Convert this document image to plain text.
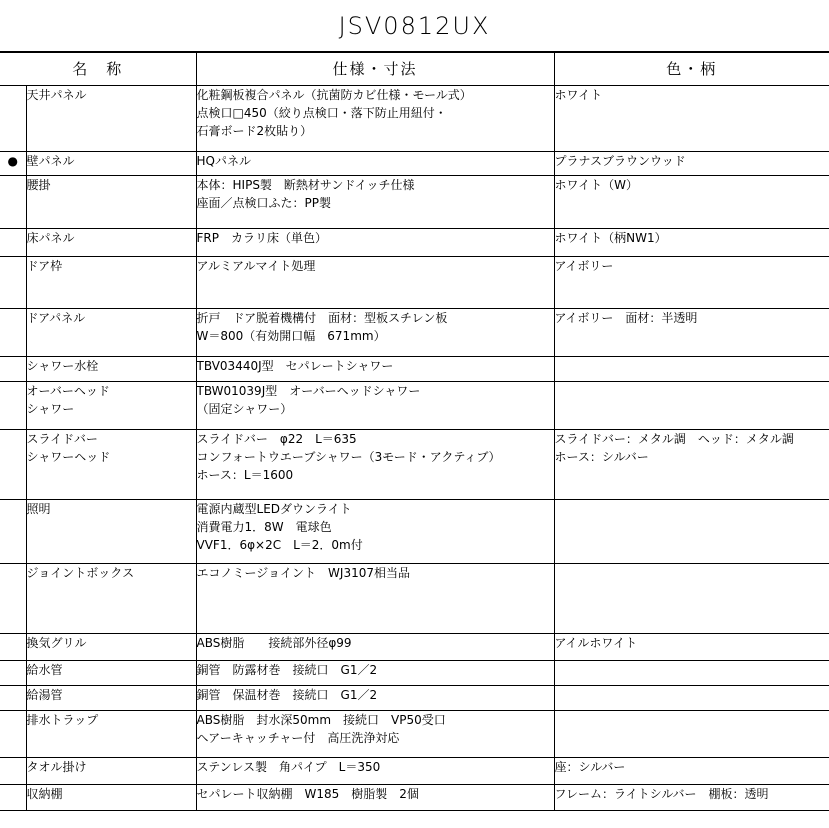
JSV0812UX
名　称		仕様・寸法	色・柄

	天井パネル	化粧鋼板複合パネル（抗菌防カビ仕様・モール式）
点検口□450（絞り点検口・落下防止用紐付・
石膏ボード2枚貼り）	ホワイト

●	壁パネル	HQパネル	プラナスブラウンウッド

	腰掛	本体：HIPS製　断熱材サンドイッチ仕様
座面／点検口ふた：PP製	ホワイト（W）

	床パネル	FRP　カラリ床（単色）	ホワイト（柄NW1）

	ドア枠	アルミアルマイト処理	アイボリー

	ドアパネル	折戸　ドア脱着機構付　面材：型板スチレン板
W＝800（有効開口幅　671mm）	アイボリー　面材：半透明

	シャワー水栓	TBV03440J型　セパレートシャワー	

	オーバーヘッド
シャワー	TBW01039J型　オーバーヘッドシャワー
（固定シャワー）	

	スライドバー
シャワーヘッド	スライドバー　φ22　L＝635
コンフォートウエーブシャワー（3モード・アクティブ）
ホース：L＝1600	スライドバー：メタル調　ヘッド：メタル調
ホース：シルバー

	照明	電源内蔵型LEDダウンライト
消費電力1．8W　電球色
VVF1．6φ×2C　L＝2．0m付	

	ジョイントボックス	エコノミージョイント　WJ3107相当品	

	換気グリル	ABS樹脂　　接続部外径φ99	アイルホワイト

	給水管	銅管　防露材巻　接続口　G1／2	

	給湯管	銅管　保温材巻　接続口　G1／2	

	排水トラップ	ABS樹脂　封水深50mm　接続口　VP50受口
ヘアーキャッチャー付　高圧洗浄対応	

	タオル掛け	ステンレス製　角パイプ　L＝350	座：シルバー

	収納棚	セパレート収納棚　W185　樹脂製　2個	フレーム：ライトシルバー　棚板：透明
